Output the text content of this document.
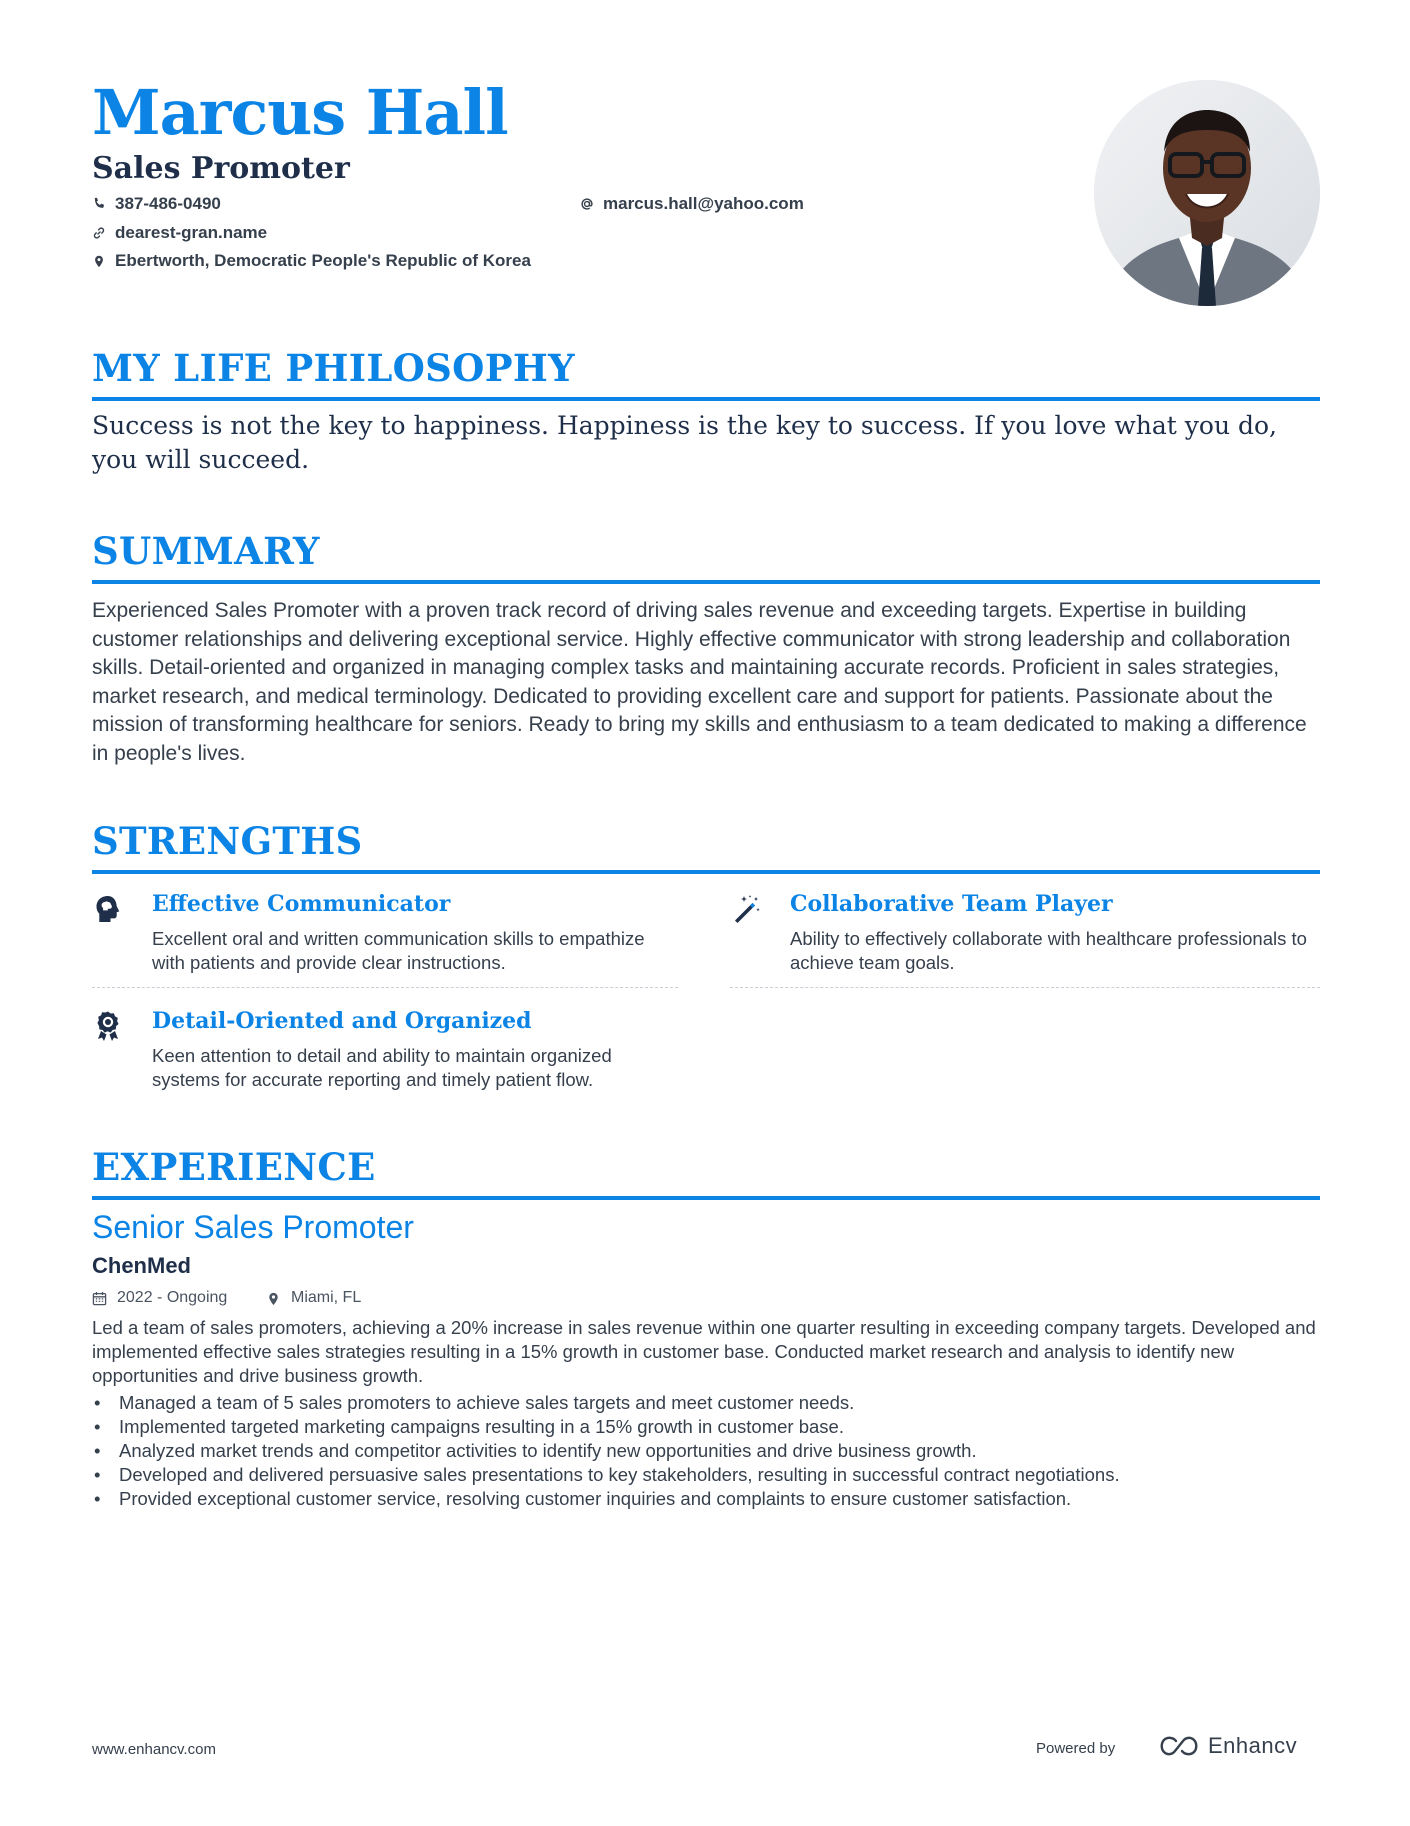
Marcus Hall
Sales Promoter
387-486-0490	marcus.hall@yahoo.com
dearest-gran.name
Ebertworth, Democratic People's Republic of Korea
MY LIFE PHILOSOPHY
Success is not the key to happiness. Happiness is the key to success. If you love what you do, you will succeed.
SUMMARY
Experienced Sales Promoter with a proven track record of driving sales revenue and exceeding targets. Expertise in building customer relationships and delivering exceptional service. Highly effective communicator with strong leadership and collaboration skills. Detail-oriented and organized in managing complex tasks and maintaining accurate records. Proficient in sales strategies, market research, and medical terminology. Dedicated to providing excellent care and support for patients. Passionate about the mission of transforming healthcare for seniors. Ready to bring my skills and enthusiasm to a team dedicated to making a difference in people's lives.
STRENGTHS
Effective Communicator
Excellent oral and written communication skills to empathize with patients and provide clear instructions.
Collaborative Team Player
Ability to effectively collaborate with healthcare professionals to achieve team goals.
Detail-Oriented and Organized
Keen attention to detail and ability to maintain organized systems for accurate reporting and timely patient flow.
EXPERIENCE
Senior Sales Promoter
ChenMed
2022 - Ongoing	Miami, FL
Led a team of sales promoters, achieving a 20% increase in sales revenue within one quarter resulting in exceeding company targets. Developed and implemented effective sales strategies resulting in a 15% growth in customer base. Conducted market research and analysis to identify new opportunities and drive business growth.
• Managed a team of 5 sales promoters to achieve sales targets and meet customer needs.
• Implemented targeted marketing campaigns resulting in a 15% growth in customer base.
• Analyzed market trends and competitor activities to identify new opportunities and drive business growth.
• Developed and delivered persuasive sales presentations to key stakeholders, resulting in successful contract negotiations.
• Provided exceptional customer service, resolving customer inquiries and complaints to ensure customer satisfaction.
www.enhancv.com	Powered by	Enhancv
